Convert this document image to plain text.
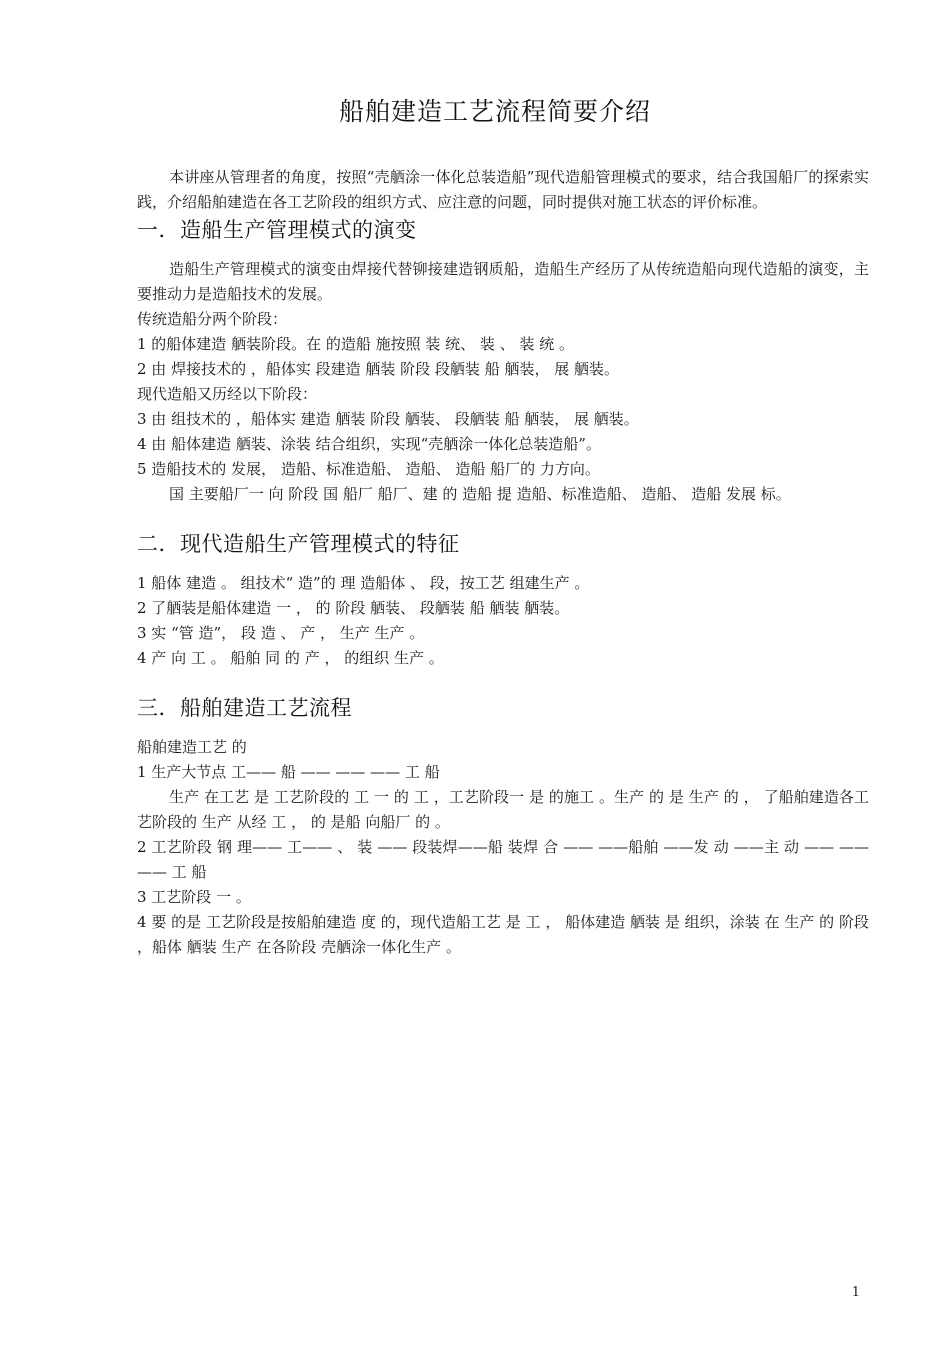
船舶建造工艺流程简要介绍

本讲座从管理者的角度，按照“壳舾涂一体化总装造船”现代造船管理模式的要求，结合我国船厂的探索实践，介绍船舶建造在各工艺阶段的组织方式、应注意的问题，同时提供对施工状态的评价标准。

一．造船生产管理模式的演变

造船生产管理模式的演变由焊接代替铆接建造钢质船，造船生产经历了从传统造船向现代造船的演变，主要推动力是造船技术的发展。

传统造船分两个阶段：

1 的船体建造 舾装阶段。在 的造船 施按照 装 统、 装 、 装 统 。

2 由 焊接技术的 ，船体实 段建造 舾装 阶段 段舾装 船 舾装， 展 舾装。

现代造船又历经以下阶段：

3 由 组技术的 ，船体实 建造 舾装 阶段 舾装、 段舾装 船 舾装， 展 舾装。

4 由 船体建造 舾装、涂装 结合组织，实现“壳舾涂一体化总装造船”。

5 造船技术的 发展， 造船、标准造船、 造船、 造船 船厂的 力方向。

国 主要船厂一 向 阶段 国 船厂 船厂、建 的 造船 提 造船、标准造船、 造船、 造船 发展 标。

二．现代造船生产管理模式的特征

1 船体 建造 。 组技术“ 造”的 理 造船体 、 段，按工艺 组建生产 。

2 了舾装是船体建造 一 ， 的 阶段 舾装、 段舾装 船 舾装 舾装。

3 实 “管 造”， 段 造 、 产 ， 生产 生产 。

4 产 向 工 。 船舶 同 的 产 ， 的组织 生产 。

三．船舶建造工艺流程

船舶建造工艺 的

1 生产大节点 工—— 船 —— —— —— 工 船

生产 在工艺 是 工艺阶段的 工 一 的 工 ，工艺阶段一 是 的施工 。生产 的 是 生产 的 ， 了船舶建造各工艺阶段的 生产 从经 工 ， 的 是船 向船厂 的 。

2 工艺阶段 钢 理—— 工—— 、 装 —— 段装焊——船 装焊 合 —— ——船舶 ——发 动 ——主 动 —— —— —— 工 船

3 工艺阶段 一 。

4 要 的是 工艺阶段是按船舶建造 度 的，现代造船工艺 是 工 ， 船体建造 舾装 是 组织，涂装 在 生产 的 阶段 ，船体 舾装 生产 在各阶段 壳舾涂一体化生产 。

1
